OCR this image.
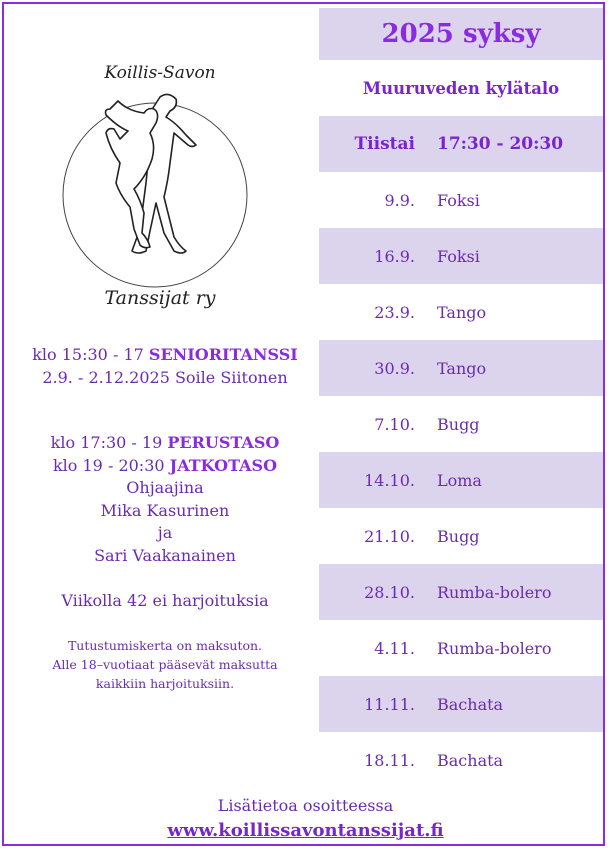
Koillis-Savon
Tanssijat ry
klo 15:30 - 17 SENIORITANSSI
2.9. - 2.12.2025 Soile Siitonen
klo 17:30 - 19 PERUSTASO
klo 19 - 20:30 JATKOTASO
Ohjaajina
Mika Kasurinen
ja
Sari Vaakanainen
Viikolla 42 ei harjoituksia
Tutustumiskerta on maksuton.
Alle 18–vuotiaat pääsevät maksutta
kaikkiin harjoituksiin.
2025 syksy
Muuruveden kylätalo
Tiistai	17:30 - 20:30
9.9.	Foksi
16.9.	Foksi
23.9.	Tango
30.9.	Tango
7.10.	Bugg
14.10.	Loma
21.10.	Bugg
28.10.	Rumba-bolero
4.11.	Rumba-bolero
11.11.	Bachata
18.11.	Bachata
Lisätietoa osoitteessa
www.koillissavontanssijat.fi
